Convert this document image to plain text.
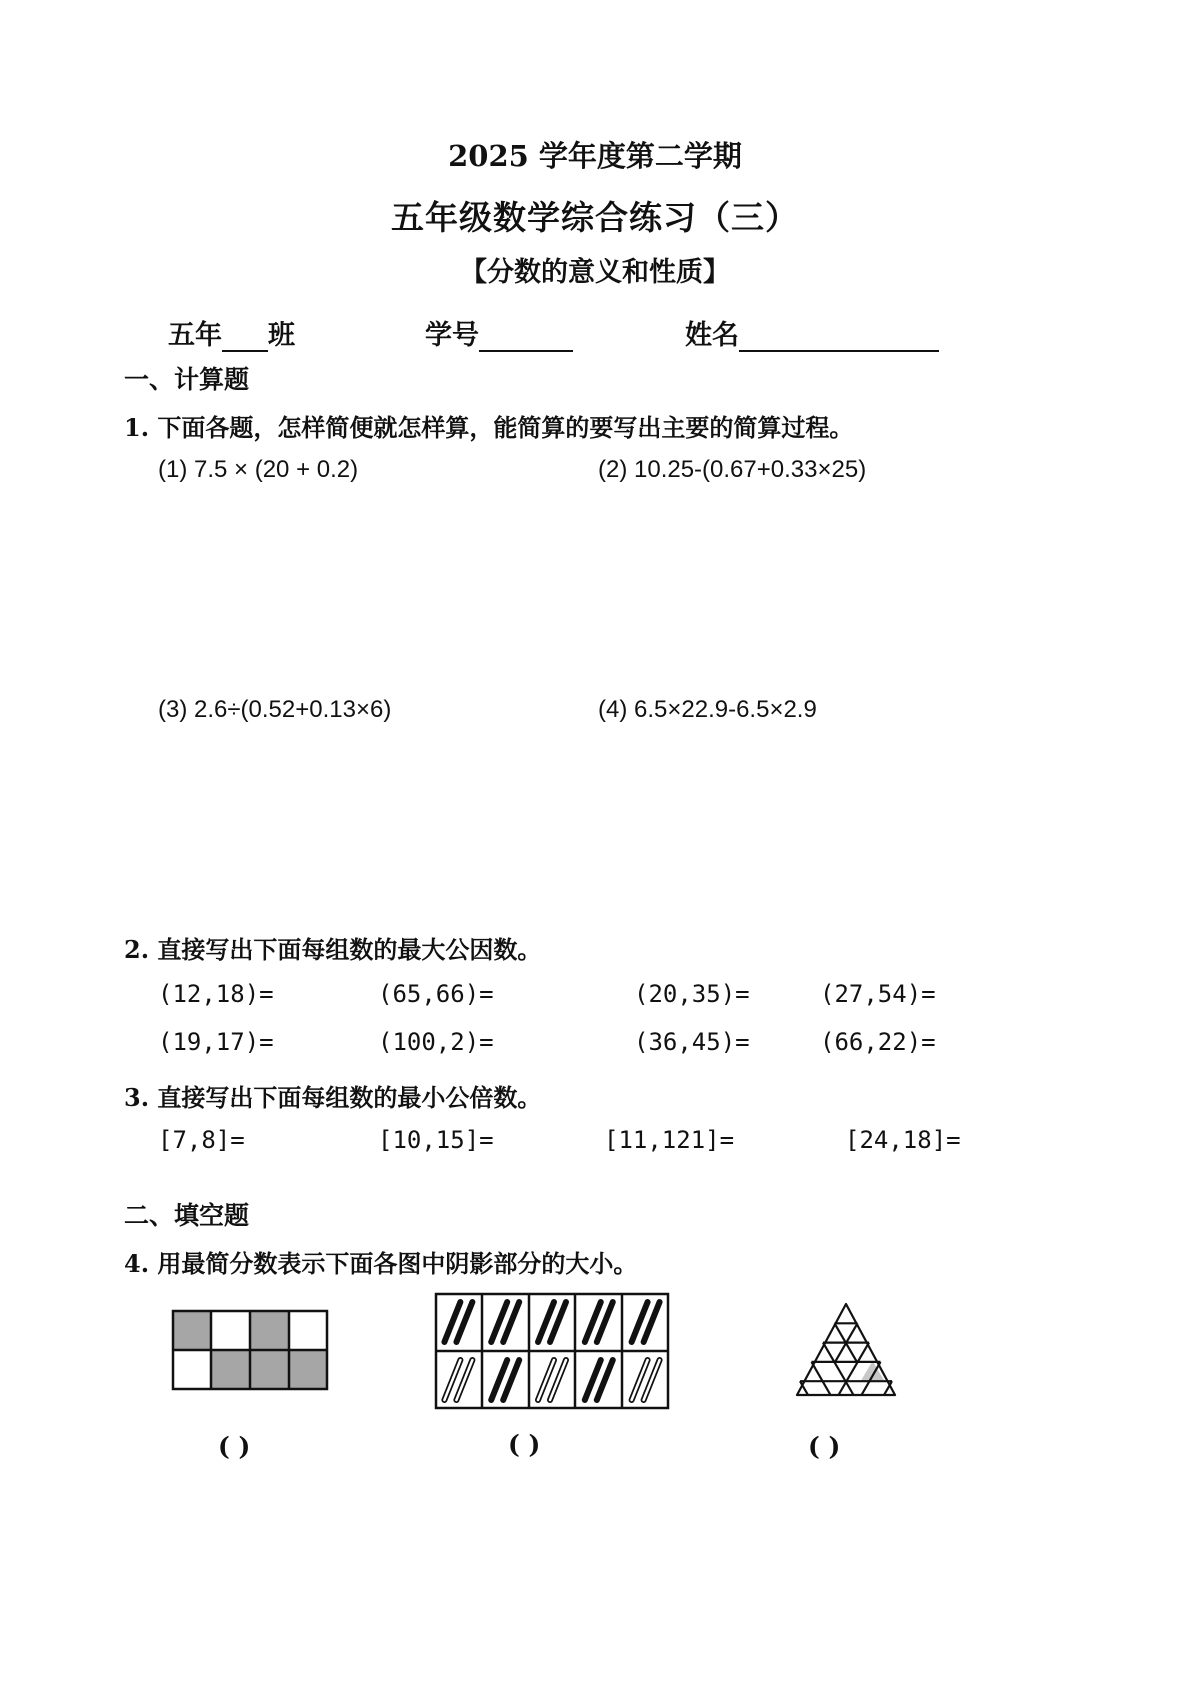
2025 学年度第二学期
五年级数学综合练习（三）
【分数的意义和性质】
五年 班	学号	姓名
一、计算题
1. 下面各题，怎样简便就怎样算，能简算的要写出主要的简算过程。
(1) 7.5 × (20 + 0.2)	(2) 10.25-(0.67+0.33×25)
(3) 2.6÷(0.52+0.13×6)	(4) 6.5×22.9-6.5×2.9
2. 直接写出下面每组数的最大公因数。
(12,18)=	(65,66)=	(20,35)=	(27,54)=
(19,17)=	(100,2)=	(36,45)=	(66,22)=
3. 直接写出下面每组数的最小公倍数。
[7,8]=	[10,15]=	[11,121]=	[24,18]=
二、填空题
4. 用最简分数表示下面各图中阴影部分的大小。
( )	( )	( )
